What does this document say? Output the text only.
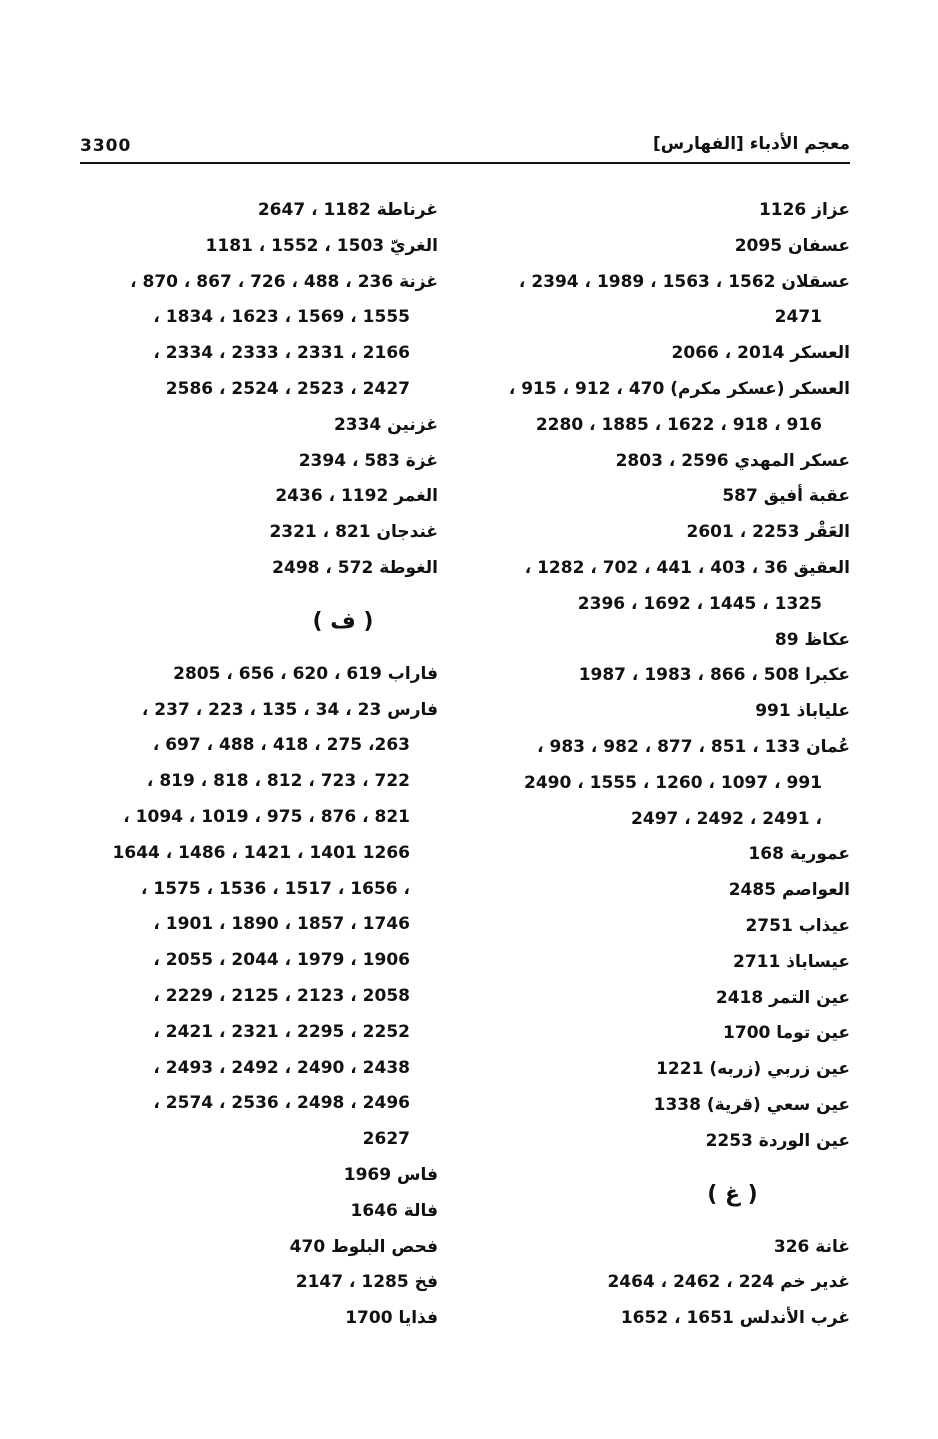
3300	معجم الأدباء [الفهارس]
عزاز 1126
عسفان 2095
عسقلان 1562 ، 1563 ، 1989 ، 2394 ،
2471
العسكر 2014 ، 2066
العسكر (عسكر مكرم) 470 ، 912 ، 915 ،
916 ، 918 ، 1622 ، 1885 ، 2280
عسكر المهدي 2596 ، 2803
عقبة أفيق 587
العَقْر 2253 ، 2601
العقيق 36 ، 403 ، 441 ، 702 ، 1282 ،
1325 ، 1445 ، 1692 ، 2396
عكاظ 89
عكبرا 508 ، 866 ، 1983 ، 1987
علياباذ 991
عُمان 133 ، 851 ، 877 ، 982 ، 983 ،
991 ، 1097 ، 1260 ، 1555 ، 2490
، 2491 ، 2492 ، 2497
عمورية 168
العواصم 2485
عيذاب 2751
عيساباذ 2711
عين التمر 2418
عين توما 1700
عين زربي (زربه) 1221
عين سعي (قرية) 1338
عين الوردة 2253
( غ )
غانة 326
غدير خم 224 ، 2462 ، 2464
غرب الأندلس 1651 ، 1652
غرناطة 1182 ، 2647
الغريّ 1503 ، 1552 ، 1181
غزنة 236 ، 488 ، 726 ، 867 ، 870 ،
1555 ، 1569 ، 1623 ، 1834 ،
2166 ، 2331 ، 2333 ، 2334 ،
2427 ، 2523 ، 2524 ، 2586
غزنين 2334
غزة 583 ، 2394
الغمر 1192 ، 2436
غندجان 821 ، 2321
الغوطة 572 ، 2498
( ف )
فاراب 619 ، 620 ، 656 ، 2805
فارس 23 ، 34 ، 135 ، 223 ، 237 ،
263، 275 ، 418 ، 488 ، 697 ،
722 ، 723 ، 812 ، 818 ، 819 ،
821 ، 876 ، 975 ، 1019 ، 1094 ،
1266 1401 ، 1421 ، 1486 ، 1644
، 1656 ، 1517 ، 1536 ، 1575 ،
1746 ، 1857 ، 1890 ، 1901 ،
1906 ، 1979 ، 2044 ، 2055 ،
2058 ، 2123 ، 2125 ، 2229 ،
2252 ، 2295 ، 2321 ، 2421 ،
2438 ، 2490 ، 2492 ، 2493 ،
2496 ، 2498 ، 2536 ، 2574 ،
2627
فاس 1969
فالة 1646
فحص البلوط 470
فخ 1285 ، 2147
فذايا 1700
